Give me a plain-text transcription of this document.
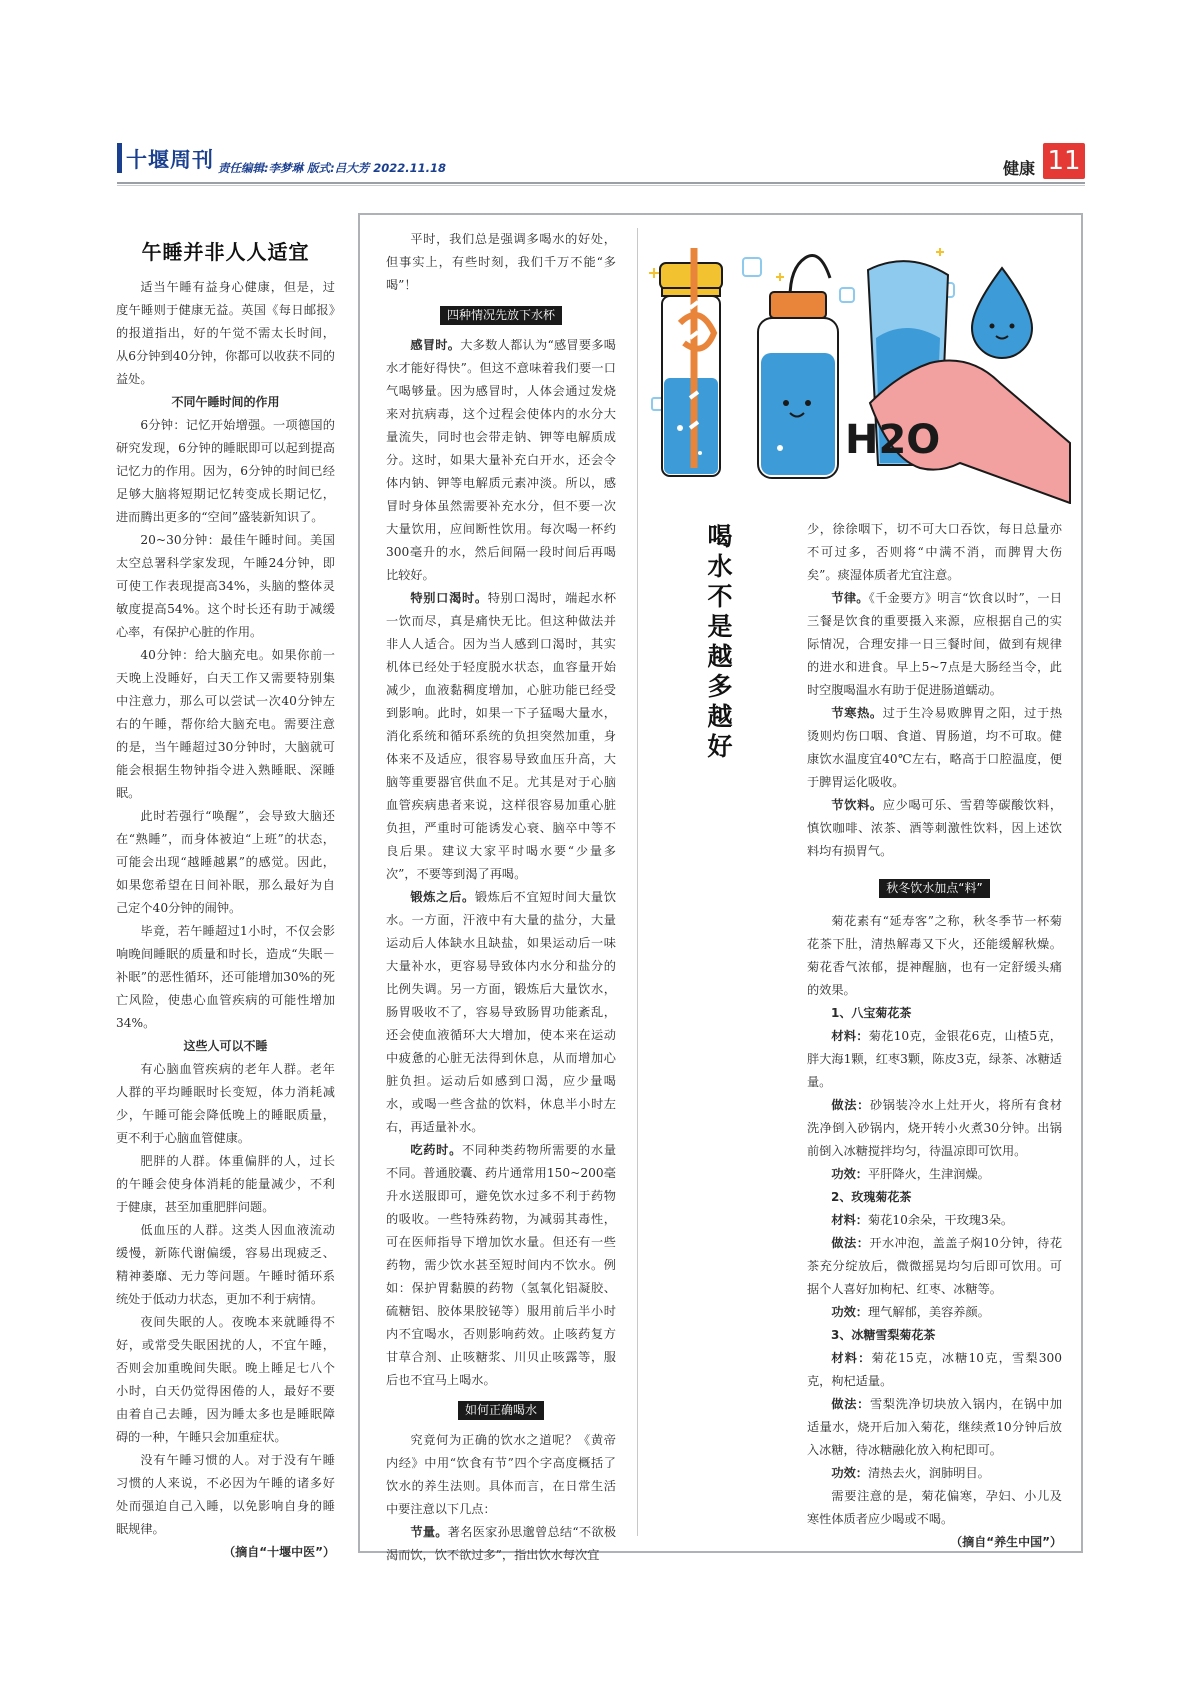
十堰周刊 责任编辑:李梦琳 版式:吕大芳 2022.11.18	健康 11
午睡并非人人适宜

适当午睡有益身心健康，但是，过度午睡则于健康无益。英国《每日邮报》的报道指出，好的午觉不需太长时间，从6分钟到40分钟，你都可以收获不同的益处。

不同午睡时间的作用

6分钟：记忆开始增强。一项德国的研究发现，6分钟的睡眠即可以起到提高记忆力的作用。因为，6分钟的时间已经足够大脑将短期记忆转变成长期记忆，进而腾出更多的“空间”盛装新知识了。

20~30分钟：最佳午睡时间。美国太空总署科学家发现，午睡24分钟，即可使工作表现提高34%，头脑的整体灵敏度提高54%。这个时长还有助于减缓心率，有保护心脏的作用。

40分钟：给大脑充电。如果你前一天晚上没睡好，白天工作又需要特别集中注意力，那么可以尝试一次40分钟左右的午睡，帮你给大脑充电。需要注意的是，当午睡超过30分钟时，大脑就可能会根据生物钟指令进入熟睡眠、深睡眠。

此时若强行“唤醒”，会导致大脑还在“熟睡”，而身体被迫“上班”的状态，可能会出现“越睡越累”的感觉。因此，如果您希望在日间补眠，那么最好为自己定个40分钟的闹钟。

毕竟，若午睡超过1小时，不仅会影响晚间睡眠的质量和时长，造成“失眠－补眠”的恶性循环，还可能增加30%的死亡风险，使患心血管疾病的可能性增加34%。

这些人可以不睡

有心脑血管疾病的老年人群。老年人群的平均睡眠时长变短，体力消耗减少，午睡可能会降低晚上的睡眠质量，更不利于心脑血管健康。

肥胖的人群。体重偏胖的人，过长的午睡会使身体消耗的能量减少，不利于健康，甚至加重肥胖问题。

低血压的人群。这类人因血液流动缓慢，新陈代谢偏缓，容易出现疲乏、精神萎靡、无力等问题。午睡时循环系统处于低动力状态，更加不利于病情。

夜间失眠的人。夜晚本来就睡得不好，或常受失眠困扰的人，不宜午睡，否则会加重晚间失眠。晚上睡足七八个小时，白天仍觉得困倦的人，最好不要由着自己去睡，因为睡太多也是睡眠障碍的一种，午睡只会加重症状。

没有午睡习惯的人。对于没有午睡习惯的人来说，不必因为午睡的诸多好处而强迫自己入睡，以免影响自身的睡眠规律。

（摘自“十堰中医”）

平时，我们总是强调多喝水的好处，但事实上，有些时刻，我们千万不能“多喝”！

四种情况先放下水杯

感冒时。大多数人都认为“感冒要多喝水才能好得快”。但这不意味着我们要一口气喝够量。因为感冒时，人体会通过发烧来对抗病毒，这个过程会使体内的水分大量流失，同时也会带走钠、钾等电解质成分。这时，如果大量补充白开水，还会令体内钠、钾等电解质元素冲淡。所以，感冒时身体虽然需要补充水分，但不要一次大量饮用，应间断性饮用。每次喝一杯约300毫升的水，然后间隔一段时间后再喝比较好。

特别口渴时。特别口渴时，端起水杯一饮而尽，真是痛快无比。但这种做法并非人人适合。因为当人感到口渴时，其实机体已经处于轻度脱水状态，血容量开始减少，血液黏稠度增加，心脏功能已经受到影响。此时，如果一下子猛喝大量水，消化系统和循环系统的负担突然加重，身体来不及适应，很容易导致血压升高，大脑等重要器官供血不足。尤其是对于心脑血管疾病患者来说，这样很容易加重心脏负担，严重时可能诱发心衰、脑卒中等不良后果。建议大家平时喝水要“少量多次”，不要等到渴了再喝。

锻炼之后。锻炼后不宜短时间大量饮水。一方面，汗液中有大量的盐分，大量运动后人体缺水且缺盐，如果运动后一味大量补水，更容易导致体内水分和盐分的比例失调。另一方面，锻炼后大量饮水，肠胃吸收不了，容易导致肠胃功能紊乱，还会使血液循环大大增加，使本来在运动中疲惫的心脏无法得到休息，从而增加心脏负担。运动后如感到口渴，应少量喝水，或喝一些含盐的饮料，休息半小时左右，再适量补水。

吃药时。不同种类药物所需要的水量不同。普通胶囊、药片通常用150~200毫升水送服即可，避免饮水过多不利于药物的吸收。一些特殊药物，为减弱其毒性，可在医师指导下增加饮水量。但还有一些药物，需少饮水甚至短时间内不饮水。例如：保护胃黏膜的药物（氢氧化铝凝胶、硫糖铝、胶体果胶铋等）服用前后半小时内不宜喝水，否则影响药效。止咳药复方甘草合剂、止咳糖浆、川贝止咳露等，服后也不宜马上喝水。

如何正确喝水

究竟何为正确的饮水之道呢？《黄帝内经》中用“饮食有节”四个字高度概括了饮水的养生法则。具体而言，在日常生活中要注意以下几点：

节量。著名医家孙思邈曾总结“不欲极渴而饮，饮不欲过多”，指出饮水每次宜

H2O
喝
水
不
是
越
多
越
好

少，徐徐咽下，切不可大口吞饮，每日总量亦不可过多，否则将“中满不消，而脾胃大伤矣”。痰湿体质者尤宜注意。

节律。《千金要方》明言“饮食以时”，一日三餐是饮食的重要摄入来源，应根据自己的实际情况，合理安排一日三餐时间，做到有规律的进水和进食。早上5~7点是大肠经当令，此时空腹喝温水有助于促进肠道蠕动。

节寒热。过于生冷易败脾胃之阳，过于热烫则灼伤口咽、食道、胃肠道，均不可取。健康饮水温度宜40℃左右，略高于口腔温度，便于脾胃运化吸收。

节饮料。应少喝可乐、雪碧等碳酸饮料，慎饮咖啡、浓茶、酒等刺激性饮料，因上述饮料均有损胃气。

秋冬饮水加点“料”

菊花素有“延寿客”之称，秋冬季节一杯菊花茶下肚，清热解毒又下火，还能缓解秋燥。菊花香气浓郁，提神醒脑，也有一定舒缓头痛的效果。

1、八宝菊花茶

材料：菊花10克，金银花6克，山楂5克，胖大海1颗，红枣3颗，陈皮3克，绿茶、冰糖适量。

做法：砂锅装冷水上灶开火，将所有食材洗净倒入砂锅内，烧开转小火煮30分钟。出锅前倒入冰糖搅拌均匀，待温凉即可饮用。

功效：平肝降火，生津润燥。

2、玫瑰菊花茶

材料：菊花10余朵，干玫瑰3朵。

做法：开水冲泡，盖盖子焖10分钟，待花茶充分绽放后，微微摇晃均匀后即可饮用。可据个人喜好加枸杞、红枣、冰糖等。

功效：理气解郁，美容养颜。

3、冰糖雪梨菊花茶

材料：菊花15克，冰糖10克，雪梨300克，枸杞适量。

做法：雪梨洗净切块放入锅内，在锅中加适量水，烧开后加入菊花，继续煮10分钟后放入冰糖，待冰糖融化放入枸杞即可。

功效：清热去火，润肺明目。

需要注意的是，菊花偏寒，孕妇、小儿及寒性体质者应少喝或不喝。

（摘自“养生中国”）
